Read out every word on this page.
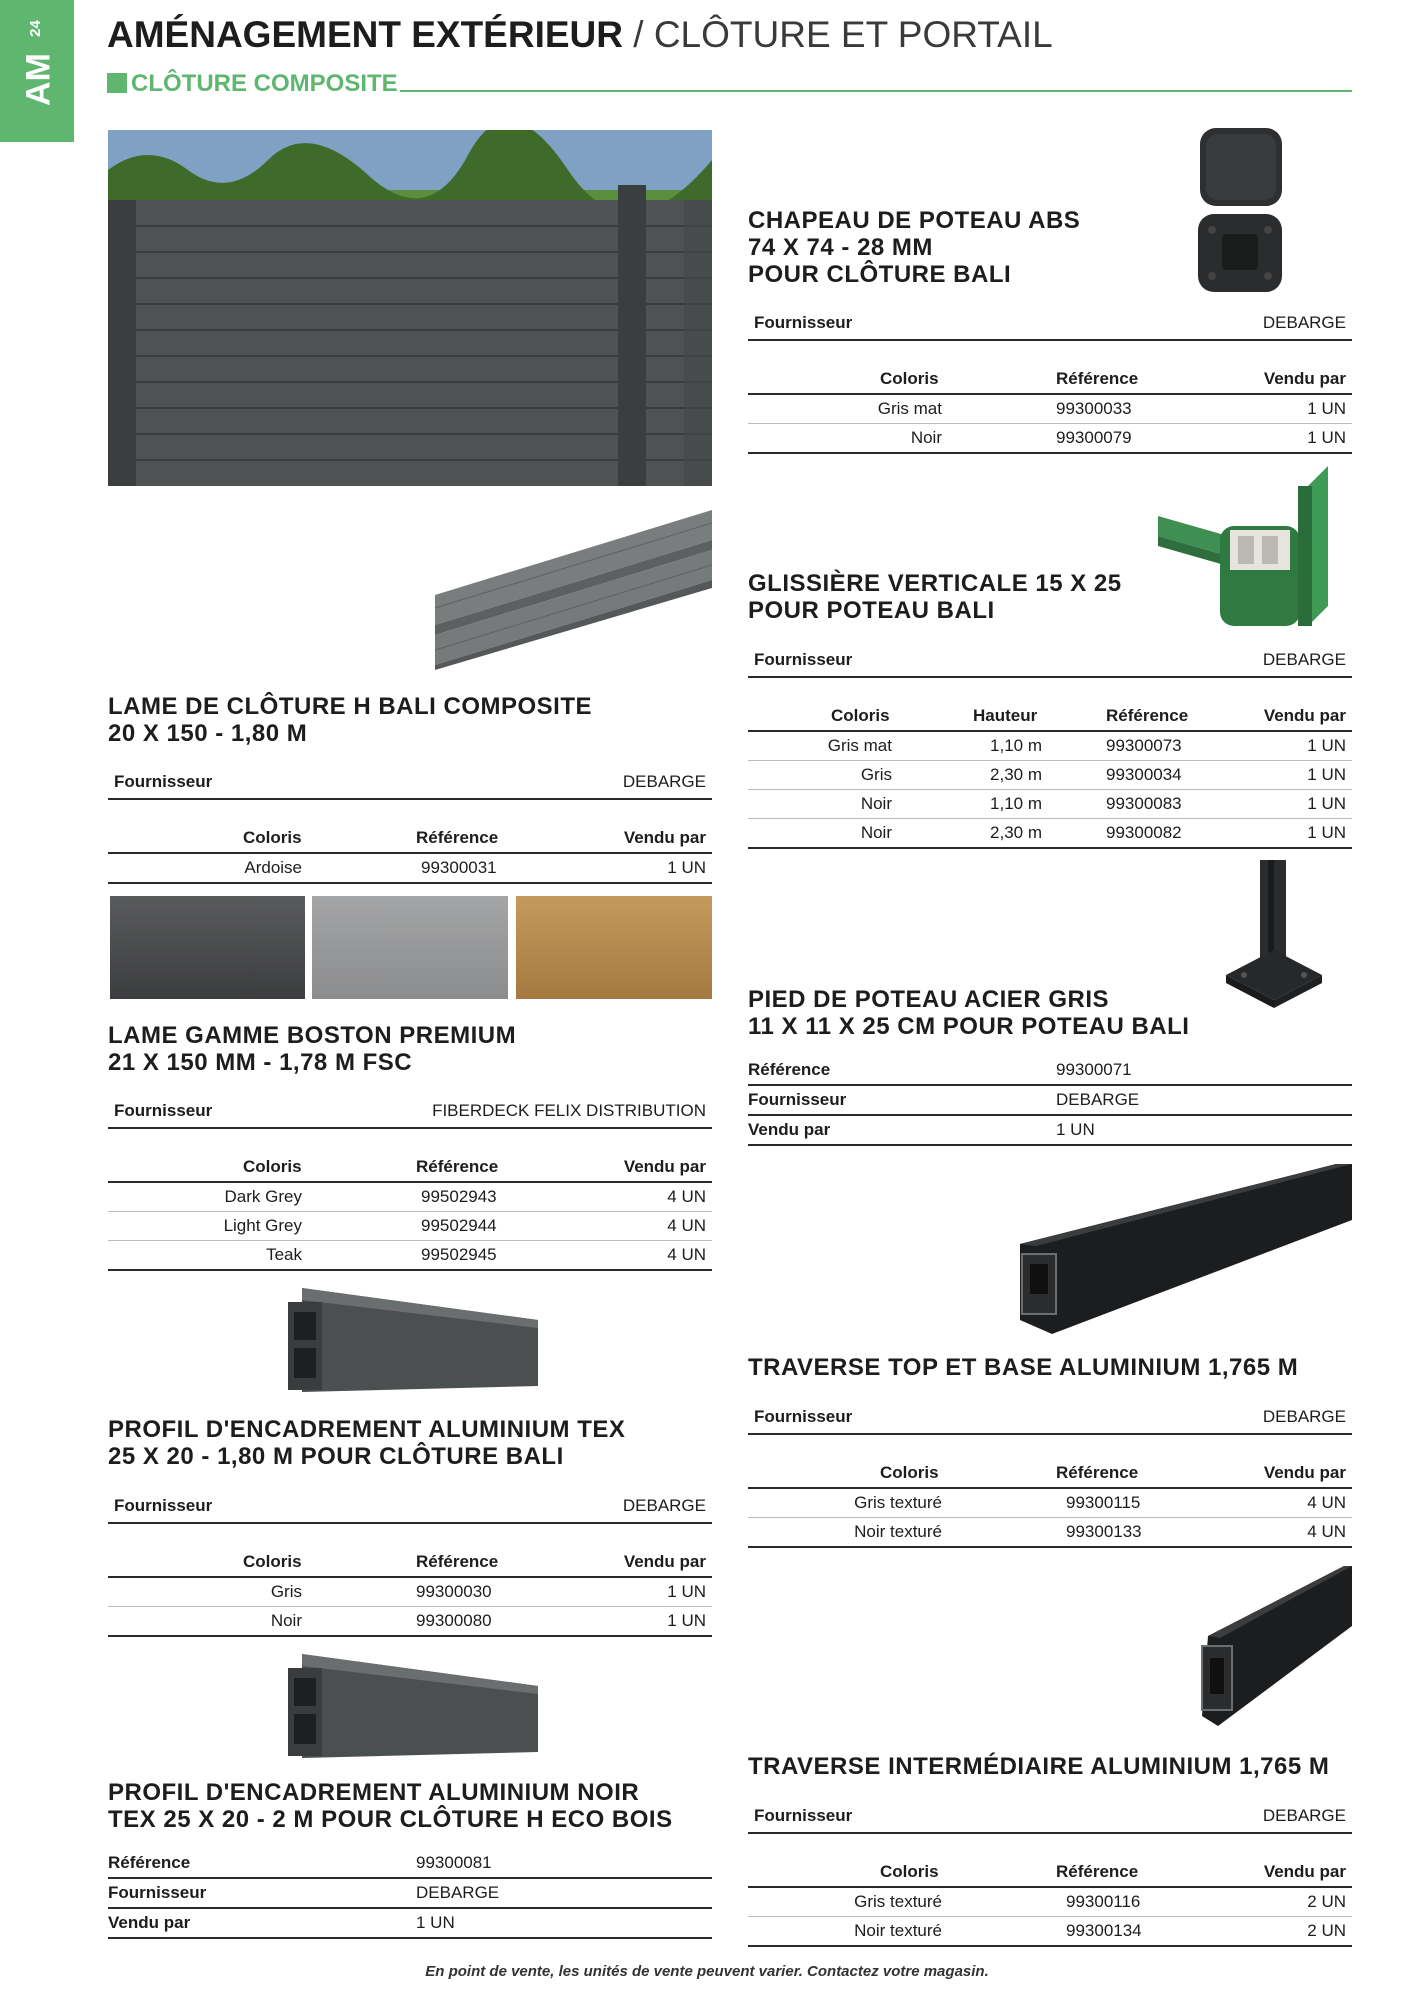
24
AM
AMÉNAGEMENT EXTÉRIEUR / CLÔTURE ET PORTAIL
CLÔTURE COMPOSITE
LAME DE CLÔTURE H BALI COMPOSITE
20 X 150 - 1,80 M
Fournisseur	DEBARGE
Coloris	Référence	Vendu par
Ardoise	99300031	1 UN
LAME GAMME BOSTON PREMIUM
21 X 150 MM - 1,78 M FSC
Fournisseur	FIBERDECK FELIX DISTRIBUTION
Coloris	Référence	Vendu par
Dark Grey	99502943	4 UN
Light Grey	99502944	4 UN
Teak	99502945	4 UN
PROFIL D'ENCADREMENT ALUMINIUM TEX
25 X 20 - 1,80 M POUR CLÔTURE BALI
Fournisseur	DEBARGE
Coloris	Référence	Vendu par
Gris	99300030	1 UN
Noir	99300080	1 UN
PROFIL D'ENCADREMENT ALUMINIUM NOIR
TEX 25 X 20 - 2 M POUR CLÔTURE H ECO BOIS
Référence	99300081
Fournisseur	DEBARGE
Vendu par	1 UN
CHAPEAU DE POTEAU ABS
74 X 74 - 28 MM
POUR CLÔTURE BALI
Fournisseur	DEBARGE
Coloris	Référence	Vendu par
Gris mat	99300033	1 UN
Noir	99300079	1 UN
GLISSIÈRE VERTICALE 15 X 25
POUR POTEAU BALI
Fournisseur	DEBARGE
Coloris	Hauteur	Référence	Vendu par
Gris mat	1,10 m	99300073	1 UN
Gris	2,30 m	99300034	1 UN
Noir	1,10 m	99300083	1 UN
Noir	2,30 m	99300082	1 UN
PIED DE POTEAU ACIER GRIS
11 X 11 X 25 CM POUR POTEAU BALI
Référence	99300071
Fournisseur	DEBARGE
Vendu par	1 UN
TRAVERSE TOP ET BASE ALUMINIUM 1,765 M
Fournisseur	DEBARGE
Coloris	Référence	Vendu par
Gris texturé	99300115	4 UN
Noir texturé	99300133	4 UN
TRAVERSE INTERMÉDIAIRE ALUMINIUM 1,765 M
Fournisseur	DEBARGE
Coloris	Référence	Vendu par
Gris texturé	99300116	2 UN
Noir texturé	99300134	2 UN
En point de vente, les unités de vente peuvent varier. Contactez votre magasin.
